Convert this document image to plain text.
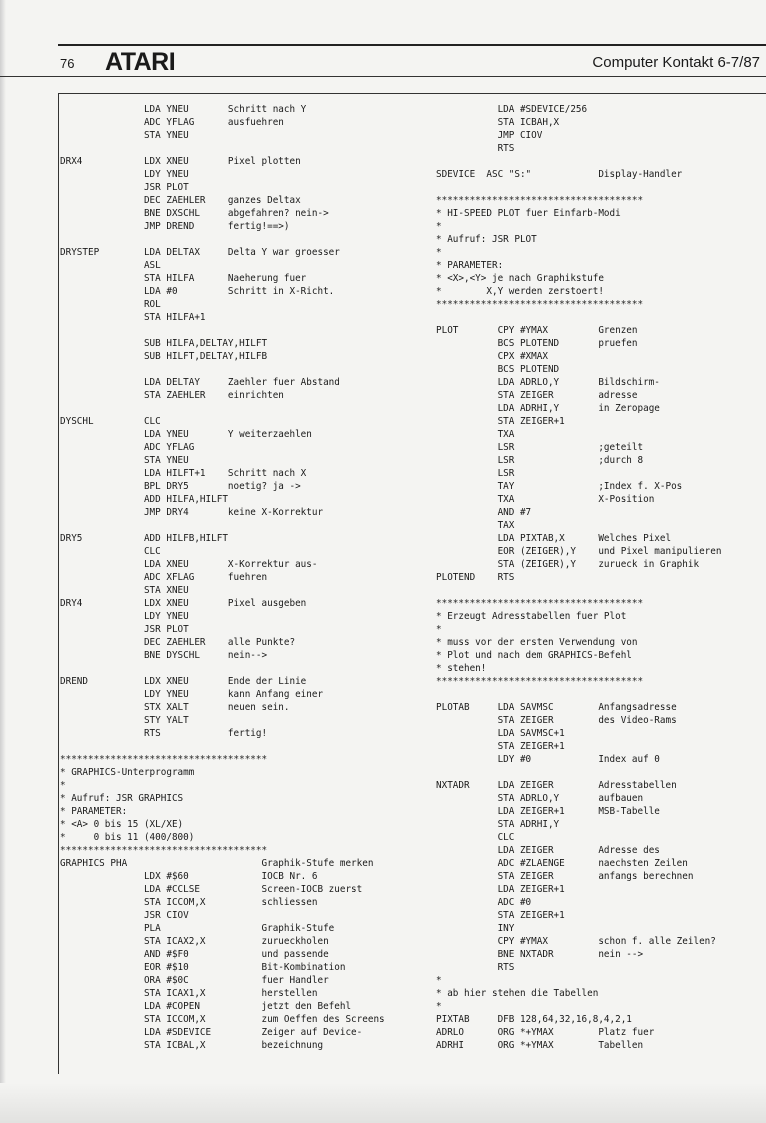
76 ATARI	Computer Kontakt 6-7/87
LDA YNEU       Schritt nach Y
ADC YFLAG      ausfuehren
STA YNEU
DRX4           LDX XNEU       Pixel plotten
LDY YNEU
JSR PLOT
DEC ZAEHLER    ganzes Deltax
BNE DXSCHL     abgefahren? nein->
JMP DREND      fertig!==>)
DRYSTEP        LDA DELTAX     Delta Y war groesser
ASL
STA HILFA      Naeherung fuer
LDA #0         Schritt in X-Richt.
ROL
STA HILFA+1
SUB HILFA,DELTAY,HILFT
SUB HILFT,DELTAY,HILFB
LDA DELTAY     Zaehler fuer Abstand
STA ZAEHLER    einrichten
DYSCHL         CLC
LDA YNEU       Y weiterzaehlen
ADC YFLAG
STA YNEU
LDA HILFT+1    Schritt nach X
BPL DRY5       noetig? ja ->
ADD HILFA,HILFT
JMP DRY4       keine X-Korrektur
DRY5           ADD HILFB,HILFT
CLC
LDA XNEU       X-Korrektur aus-
ADC XFLAG      fuehren
STA XNEU
DRY4           LDX XNEU       Pixel ausgeben
LDY YNEU
JSR PLOT
DEC ZAEHLER    alle Punkte?
BNE DYSCHL     nein-->
DREND          LDX XNEU       Ende der Linie
LDY YNEU       kann Anfang einer
STX XALT       neuen sein.
STY YALT
RTS            fertig!
*************************************
* GRAPHICS-Unterprogramm
*
* Aufruf: JSR GRAPHICS
* PARAMETER:
* <A> 0 bis 15 (XL/XE)
*     0 bis 11 (400/800)
*************************************
GRAPHICS PHA                        Graphik-Stufe merken
LDX #$60             IOCB Nr. 6
LDA #CCLSE           Screen-IOCB zuerst
STA ICCOM,X          schliessen
JSR CIOV
PLA                  Graphik-Stufe
STA ICAX2,X          zurueckholen
AND #$F0             und passende
EOR #$10             Bit-Kombination
ORA #$0C             fuer Handler
STA ICAX1,X          herstellen
LDA #COPEN           jetzt den Befehl
STA ICCOM,X          zum Oeffen des Screens
LDA #SDEVICE         Zeiger auf Device-
STA ICBAL,X          bezeichnung
LDA #SDEVICE/256
STA ICBAH,X
JMP CIOV
RTS
SDEVICE  ASC "S:"            Display-Handler
*************************************
* HI-SPEED PLOT fuer Einfarb-Modi
*
* Aufruf: JSR PLOT
*
* PARAMETER:
* <X>,<Y> je nach Graphikstufe
*        X,Y werden zerstoert!
*************************************
PLOT       CPY #YMAX         Grenzen
BCS PLOTEND       pruefen
CPX #XMAX
BCS PLOTEND
LDA ADRLO,Y       Bildschirm-
STA ZEIGER        adresse
LDA ADRHI,Y       in Zeropage
STA ZEIGER+1
TXA
LSR               ;geteilt
LSR               ;durch 8
LSR
TAY               ;Index f. X-Pos
TXA               X-Position
AND #7
TAX
LDA PIXTAB,X      Welches Pixel
EOR (ZEIGER),Y    und Pixel manipulieren
STA (ZEIGER),Y    zurueck in Graphik
PLOTEND    RTS
*************************************
* Erzeugt Adresstabellen fuer Plot
*
* muss vor der ersten Verwendung von
* Plot und nach dem GRAPHICS-Befehl
* stehen!
*************************************
PLOTAB     LDA SAVMSC        Anfangsadresse
STA ZEIGER        des Video-Rams
LDA SAVMSC+1
STA ZEIGER+1
LDY #0            Index auf 0
NXTADR     LDA ZEIGER        Adresstabellen
STA ADRLO,Y       aufbauen
LDA ZEIGER+1      MSB-Tabelle
STA ADRHI,Y
CLC
LDA ZEIGER        Adresse des
ADC #ZLAENGE      naechsten Zeilen
STA ZEIGER        anfangs berechnen
LDA ZEIGER+1
ADC #0
STA ZEIGER+1
INY
CPY #YMAX         schon f. alle Zeilen?
BNE NXTADR        nein -->
RTS
*
* ab hier stehen die Tabellen
*
PIXTAB     DFB 128,64,32,16,8,4,2,1
ADRLO      ORG *+YMAX        Platz fuer
ADRHI      ORG *+YMAX        Tabellen
